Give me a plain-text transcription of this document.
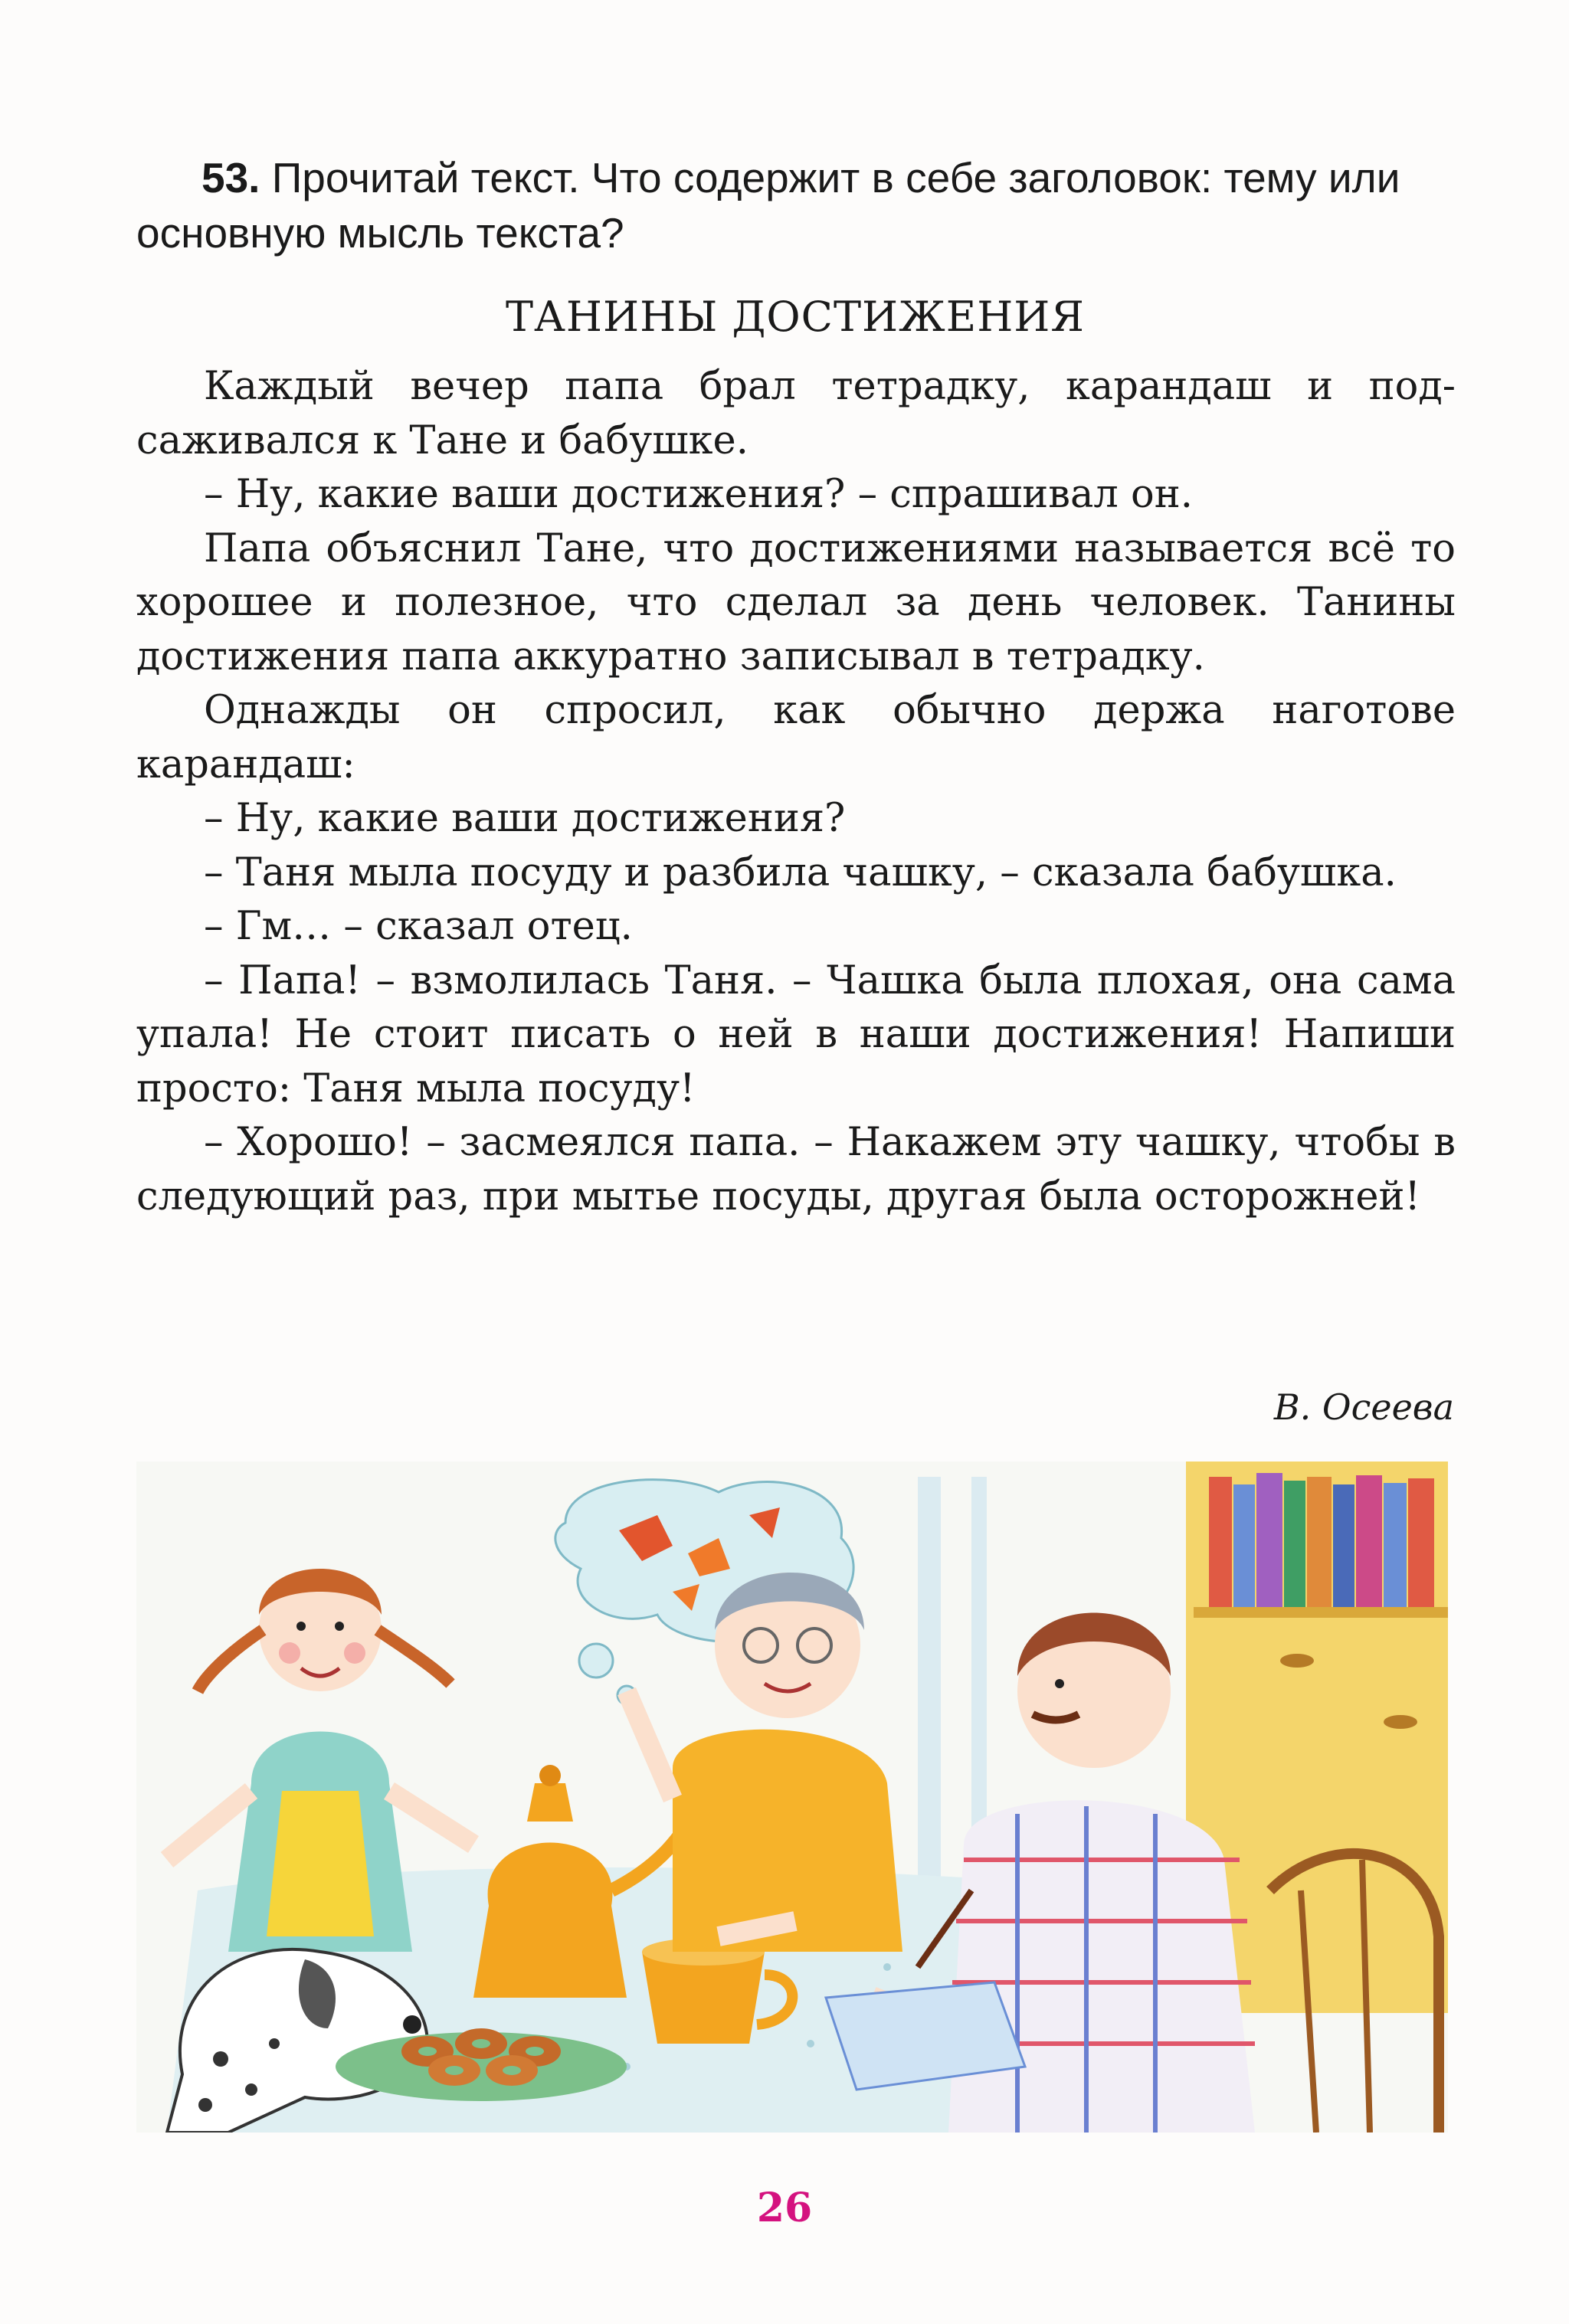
53. Прочитай текст. Что содержит в себе заголовок: тему или

основную мысль текста?

ТАНИНЫ ДОСТИЖЕНИЯ

Каждый вечер папа брал тетрадку, карандаш и подсаживался к Тане и бабушке.

– Ну, какие ваши достижения? – спрашивал он.

Папа объяснил Тане, что достижениями называется всё то хорошее и полезное, что сделал за день человек. Танины достижения папа аккуратно записывал в тетрадку.

Однажды он спросил, как обычно держа наготове карандаш:

– Ну, какие ваши достижения?

– Таня мыла посуду и разбила чашку, – сказала бабушка.

– Гм… – сказал отец.

– Папа! – взмолилась Таня. – Чашка была плохая, она сама упала! Не стоит писать о ней в наши достижения! Напиши просто: Таня мыла посуду!

– Хорошо! – засмеялся папа. – Накажем эту чашку, чтобы в следующий раз, при мытье посуды, другая была осторожней!

В. Осеева
26
